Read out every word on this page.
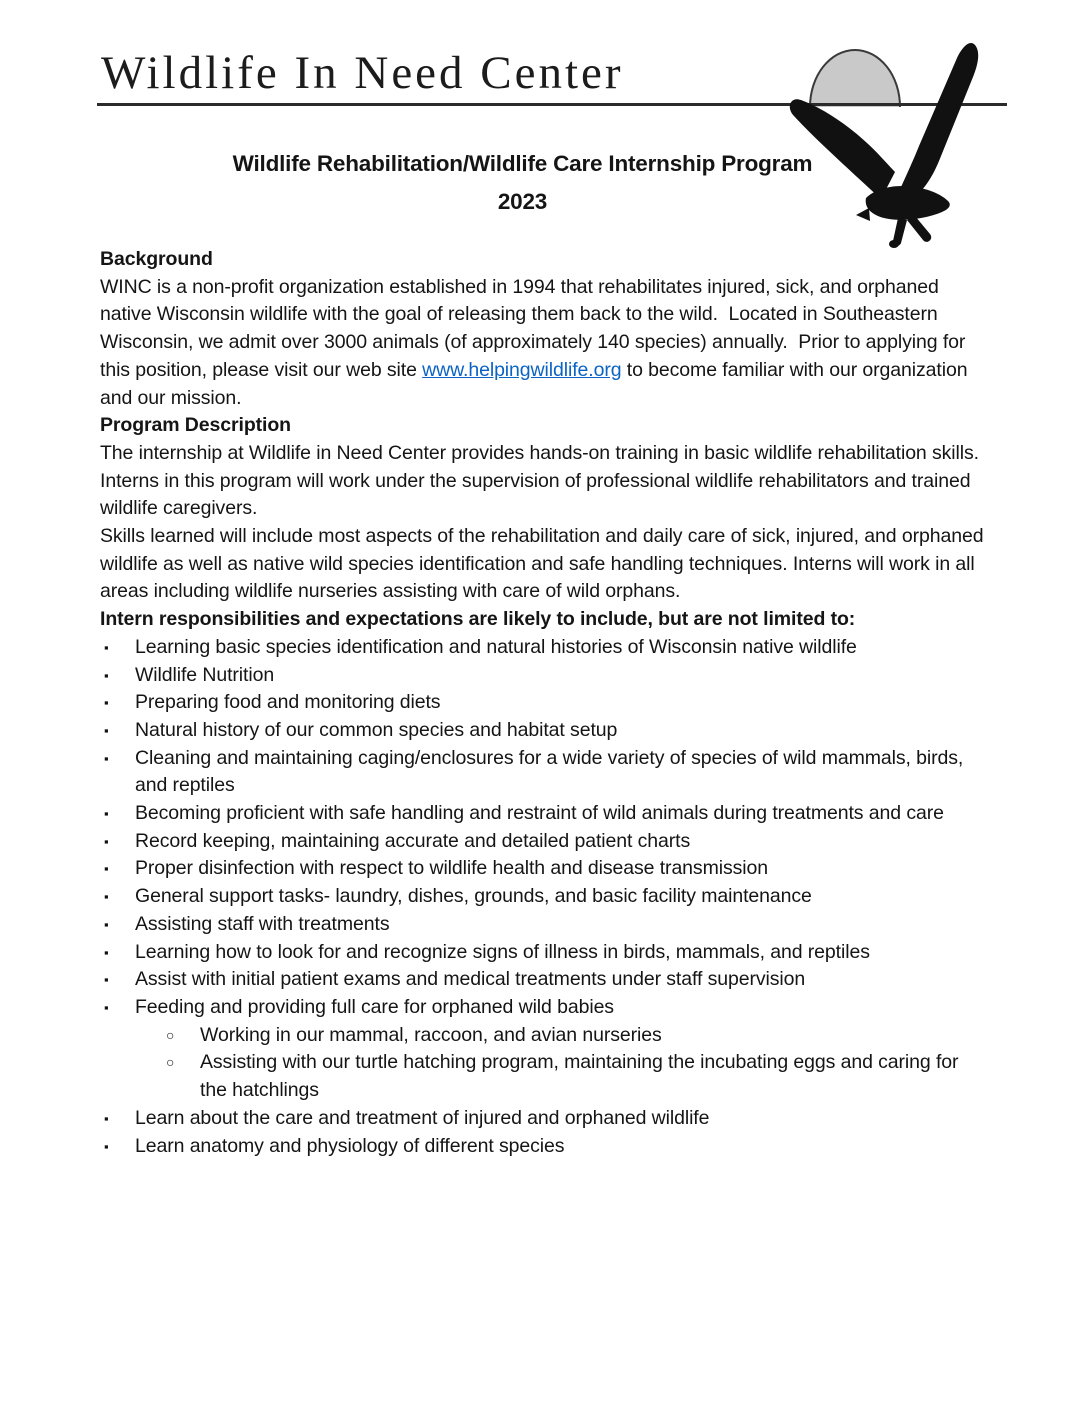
Wildlife In Need Center
Wildlife Rehabilitation/Wildlife Care Internship Program
2023
Background

WINC is a non-profit organization established in 1994 that rehabilitates injured, sick, and orphaned native Wisconsin wildlife with the goal of releasing them back to the wild.  Located in Southeastern Wisconsin, we admit over 3000 animals (of approximately 140 species) annually.  Prior to applying for this position, please visit our web site www.helpingwildlife.org to become familiar with our organization and our mission.

Program Description

The internship at Wildlife in Need Center provides hands-on training in basic wildlife rehabilitation skills.  Interns in this program will work under the supervision of professional wildlife rehabilitators and trained wildlife caregivers.

Skills learned will include most aspects of the rehabilitation and daily care of sick, injured, and orphaned wildlife as well as native wild species identification and safe handling techniques. Interns will work in all areas including wildlife nurseries assisting with care of wild orphans.

Intern responsibilities and expectations are likely to include, but are not limited to:
▪ Learning basic species identification and natural histories of Wisconsin native wildlife
▪ Wildlife Nutrition
▪ Preparing food and monitoring diets
▪ Natural history of our common species and habitat setup
▪ Cleaning and maintaining caging/enclosures for a wide variety of species of wild mammals, birds, and reptiles
▪ Becoming proficient with safe handling and restraint of wild animals during treatments and care
▪ Record keeping, maintaining accurate and detailed patient charts
▪ Proper disinfection with respect to wildlife health and disease transmission
▪ General support tasks- laundry, dishes, grounds, and basic facility maintenance
▪ Assisting staff with treatments
▪ Learning how to look for and recognize signs of illness in birds, mammals, and reptiles
▪ Assist with initial patient exams and medical treatments under staff supervision
▪ Feeding and providing full care for orphaned wild babies
○ Working in our mammal, raccoon, and avian nurseries
○ Assisting with our turtle hatching program, maintaining the incubating eggs and caring for the hatchlings
▪ Learn about the care and treatment of injured and orphaned wildlife
▪ Learn anatomy and physiology of different species
